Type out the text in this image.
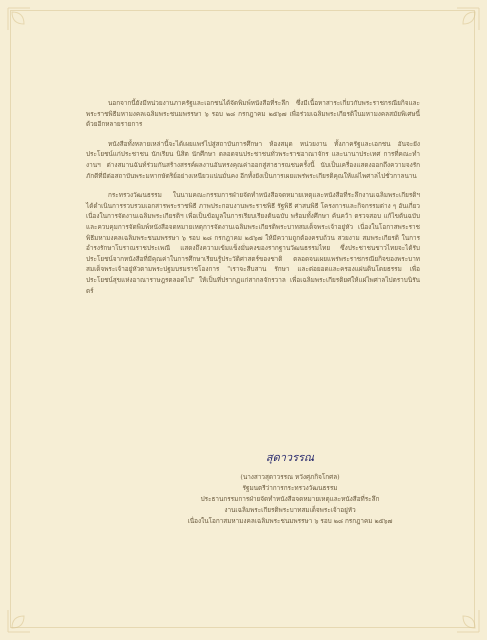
นอกจากนี้ยังมีหน่วยงานภาครัฐและเอกชนได้จัดพิมพ์หนังสือที่ระลึก ซึ่งมีเนื้อหาสาระเกี่ยวกับพระราชกรณียกิจและพระราชพิธีมหามงคลเฉลิมพระชนมพรรษา ๖ รอบ ๒๘ กรกฎาคม ๒๕๖๗ เพื่อร่วมเฉลิมพระเกียรติในมหามงคลสมัยพิเศษนี้ด้วยอีกหลายรายการ

หนังสือทั้งหลายเหล่านี้จะได้เผยแพร่ไปสู่สถาบันการศึกษา ห้องสมุด หน่วยงาน ทั้งภาครัฐและเอกชน อันจะยังประโยชน์แก่ประชาชน นักเรียน นิสิต นักศึกษา ตลอดจนประชาชนทั่วพระราชอาณาจักร และนานาประเทศ การที่คณะทำงานฯ ต่างสมานฉันท์ร่วมกันสร้างสรรค์ผลงานอันทรงคุณค่าออกสู่สาธารณชนครั้งนี้ นับเป็นเครื่องแสดงออกถึงความจงรักภักดีที่มีต่อสถาบันพระมหากษัตริย์อย่างเหนียวแน่นมั่นคง อีกทั้งยังเป็นการเผยแพร่พระเกียรติคุณให้แผ่ไพศาลไปชั่วกาลนาน

กระทรวงวัฒนธรรม ในนามคณะกรรมการฝ่ายจัดทำหนังสือจดหมายเหตุและหนังสือที่ระลึกงานเฉลิมพระเกียรติฯ ได้ดำเนินการรวบรวมเอกสารพระราชพิธี ภาพประกอบงานพระราชพิธี รัฐพิธี ศาสนพิธี โครงการและกิจกรรมต่าง ๆ อันเกี่ยวเนื่องในการจัดงานเฉลิมพระเกียรติฯ เพื่อเป็นข้อมูลในการเรียบเรียงต้นฉบับ พร้อมทั้งศึกษา ค้นคว้า ตรวจสอบ แก้ไขต้นฉบับ และควบคุมการจัดพิมพ์หนังสือจดหมายเหตุการจัดงานเฉลิมพระเกียรติพระบาทสมเด็จพระเจ้าอยู่หัว เนื่องในโอกาสพระราชพิธีมหามงคลเฉลิมพระชนมพรรษา ๖ รอบ ๒๘ กรกฎาคม ๒๕๖๗ ให้มีความถูกต้องครบถ้วน สวยงาม สมพระเกียรติ ในการอำรงรักษาโบราณราชประเพณี แสดงถึงความเข้มแข็งมั่นคงของรากฐานวัฒนธรรมไทย ซึ่งประชาชนชาวไทยจะได้รับประโยชน์จากหนังสือที่มีคุณค่าในการศึกษาเรียนรู้ประวัติศาสตร์ของชาติ ตลอดจนเผยแพร่พระราชกรณียกิจของพระบาทสมเด็จพระเจ้าอยู่หัวตามพระปฐมบรมราชโองการ "เราจะสืบสาน รักษา และต่อยอดและครองแผ่นดินโดยธรรม เพื่อประโยชน์สุขแห่งอาณาราษฎรตลอดไป" ให้เป็นที่ปรากฏแก่สากลจักรวาล เพื่อเฉลิมพระเกียรติยศให้แผ่ไพศาลไปตราบนิรันดร์

สุดาวรรณ
(นางสาวสุดาวรรณ หวังศุภกิจโกศล)
รัฐมนตรีว่าการกระทรวงวัฒนธรรม
ประธานกรรมการฝ่ายจัดทำหนังสือจดหมายเหตุและหนังสือที่ระลึก
งานเฉลิมพระเกียรติพระบาทสมเด็จพระเจ้าอยู่หัว
เนื่องในโอกาสมหามงคลเฉลิมพระชนมพรรษา ๖ รอบ ๒๘ กรกฎาคม ๒๕๖๗
